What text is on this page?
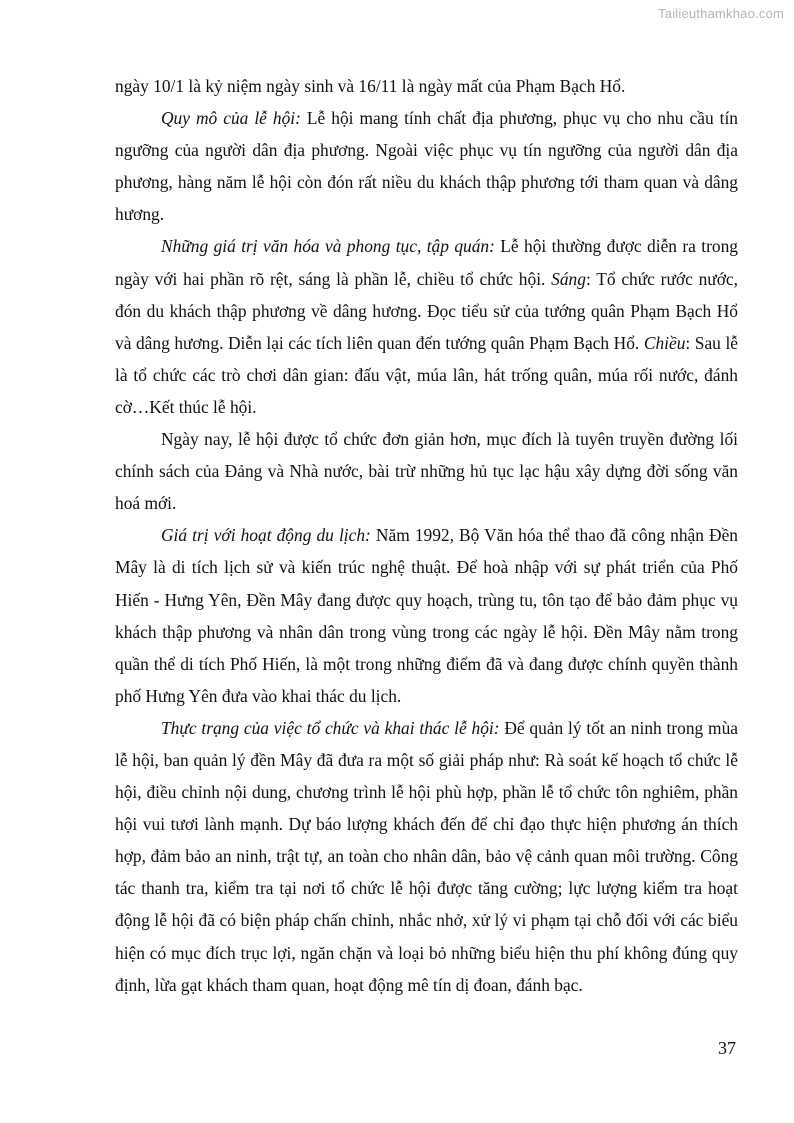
Tailieuthamkhao.com

ngày 10/1 là kỷ niệm ngày sinh và 16/11 là ngày mất của Phạm Bạch Hổ.

Quy mô của lễ hội: Lễ hội mang tính chất địa phương, phục vụ cho nhu cầu tín ngưỡng của người dân địa phương. Ngoài việc phục vụ tín ngưỡng của người dân địa phương, hàng năm lễ hội còn đón rất niều du khách thập phương tới tham quan và dâng hương.

Những giá trị văn hóa và phong tục, tập quán: Lễ hội thường được diễn ra trong ngày với hai phần rõ rệt, sáng là phần lễ, chiều tổ chức hội. Sáng: Tổ chức rước nước, đón du khách thập phương về dâng hương. Đọc tiểu sử của tướng quân Phạm Bạch Hổ và dâng hương. Diễn lại các tích liên quan đến tướng quân Phạm Bạch Hổ. Chiều: Sau lễ là tổ chức các trò chơi dân gian: đấu vật, múa lân, hát trống quân, múa rối nước, đánh cờ…Kết thúc lễ hội.

Ngày nay, lễ hội được tổ chức đơn giản hơn, mục đích là tuyên truyền đường lối chính sách của Đảng và Nhà nước, bài trừ những hủ tục lạc hậu xây dựng đời sống văn hoá mới.

Giá trị với hoạt động du lịch: Năm 1992, Bộ Văn hóa thể thao đã công nhận Đền Mây là di tích lịch sử và kiến trúc nghệ thuật. Để hoà nhập với sự phát triển của Phố Hiến - Hưng Yên, Đền Mây đang được quy hoạch, trùng tu, tôn tạo để bảo đảm phục vụ khách thập phương và nhân dân trong vùng trong các ngày lễ hội. Đền Mây nằm trong quần thể di tích Phố Hiến, là một trong những điểm đã và đang được chính quyền thành phố Hưng Yên đưa vào khai thác du lịch.

Thực trạng của việc tổ chức và khai thác lễ hội: Để quản lý tốt an ninh trong mùa lễ hội, ban quản lý đền Mây đã đưa ra một số giải pháp như: Rà soát kế hoạch tổ chức lễ hội, điều chỉnh nội dung, chương trình lễ hội phù hợp, phần lễ tổ chức tôn nghiêm, phần hội vui tươi lành mạnh. Dự báo lượng khách đến để chỉ đạo thực hiện phương án thích hợp, đảm bảo an ninh, trật tự, an toàn cho nhân dân, bảo vệ cảnh quan môi trường. Công tác thanh tra, kiểm tra tại nơi tổ chức lễ hội được tăng cường; lực lượng kiểm tra hoạt động lễ hội đã có biện pháp chấn chỉnh, nhắc nhở, xử lý vi phạm tại chỗ đối với các biểu hiện có mục đích trục lợi, ngăn chặn và loại bỏ những biểu hiện thu phí không đúng quy định, lừa gạt khách tham quan, hoạt động mê tín dị đoan, đánh bạc.

37
